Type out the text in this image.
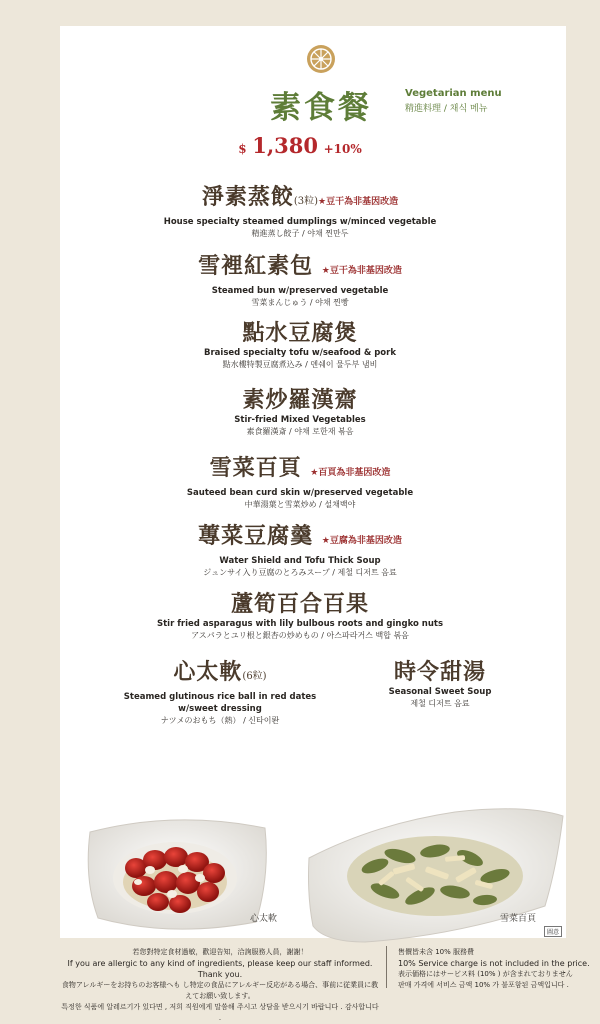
素食餐	Vegetarian menu
精進料理 / 채식 메뉴
$ 1,380 +10%
淨素蒸餃(3粒)★豆干為非基因改造
House specialty steamed dumplings w/minced vegetable
精進蒸し餃子 / 야채 찐만두
雪裡紅素包 ★豆干為非基因改造
Steamed bun w/preserved vegetable
雪菜まんじゅう / 야채 찐빵
點水豆腐煲
Braised specialty tofu w/seafood & pork
點水樓特製豆腐煮込み / 뎬쉐이 물두부 냄비
素炒羅漢齋
Stir-fried Mixed Vegetables
素食羅漢斎 / 야채 로한재 볶음
雪菜百頁 ★百頁為非基因改造
Sauteed bean curd skin w/preserved vegetable
中華湯葉と雪菜炒め / 설채백야
蓴菜豆腐羹 ★豆腐為非基因改造
Water Shield and Tofu Thick Soup
ジュンサイ入り豆腐のとろみスープ / 제철 디저트 음료
蘆筍百合百果
Stir fried asparagus with lily bulbous roots and gingko nuts
アスパラとユリ根と銀杏の炒めもの / 아스파라거스 백합 볶음
心太軟(6粒)
Steamed glutinous rice ball in red dates
w/sweet dressing
ナツメのおもち（熱） / 신타이롼
時令甜湯
Seasonal Sweet Soup
제철 디저트 음료
心太軟	雪菜百頁
圖意
若您對特定食材過敏，歡迎告知，洽詢服務人員，謝謝！
If you are allergic to any kind of ingredients, please keep our staff informed. Thank you.
食物アレルギーをお持ちのお客様へも し特定の食品にアレルギー反応がある場合、事前に従業員に教えてお願い致します。
특정한 식품에 알레르기가 있다면 , 저희 직원에게 말씀해 주시고 상담을 받으시기 바랍니다 . 감사합니다 .
售價皆未含 10% 服務費
10% Service charge is not included in the price.
表示価格にはサービス料 (10% ) が含まれておりません
판매 가격에 서비스 금액 10% 가 불포함된 금액입니다 .
